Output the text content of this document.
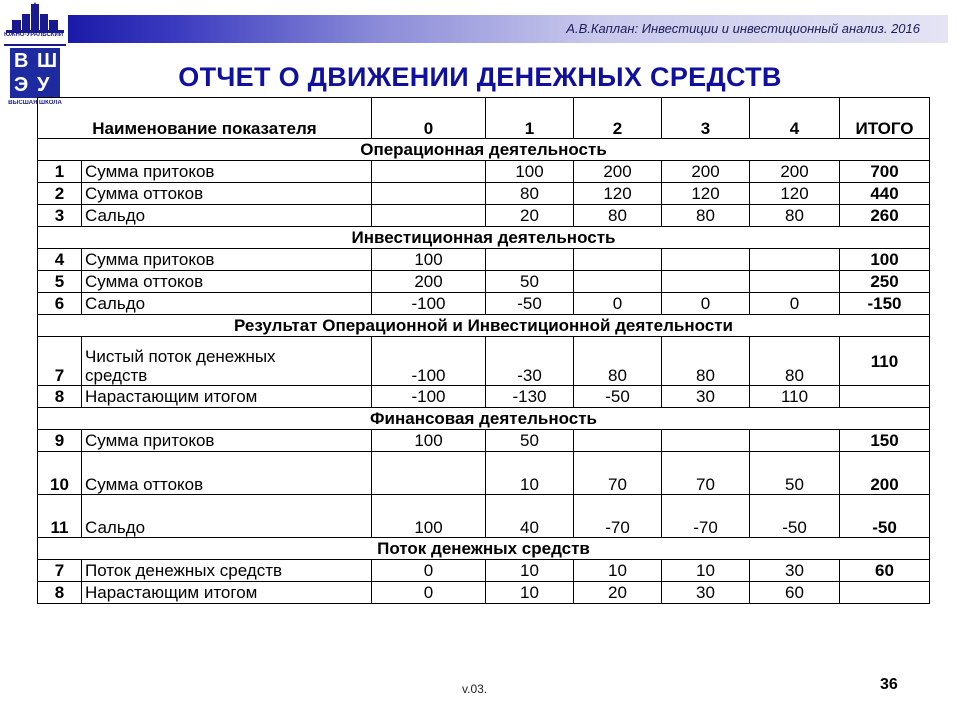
А.В.Каплан: Инвестиции и инвестиционный анализ. 2016
ЮЖНО-УРАЛЬСКИЙ
В Ш
Э У
ВЫСШАЯ ШКОЛА
ОТЧЕТ О ДВИЖЕНИИ ДЕНЕЖНЫХ СРЕДСТВ
Наименование показателя		0	1	2	3	4	ИТОГО
Операционная деятельность							
1	Сумма притоков		100	200	200	200	700
2	Сумма оттоков		80	120	120	120	440
3	Сальдо		20	80	80	80	260
Инвестиционная деятельность							
4	Сумма притоков	100					100
5	Сумма оттоков	200	50				250
6	Сальдо	-100	-50	0	0	0	-150
Результат Операционной и Инвестиционной деятельности							
7	Чистый поток денежных
средств	-100	-30	80	80	80	110
8	Нарастающим итогом	-100	-130	-50	30	110	
Финансовая деятельность							
9	Сумма притоков	100	50				150
10	Сумма оттоков		10	70	70	50	200
11	Сальдо	100	40	-70	-70	-50	-50
Поток денежных средств							
7	Поток денежных средств	0	10	10	10	30	60
8	Нарастающим итогом	0	10	20	30	60	
v.03.	36
